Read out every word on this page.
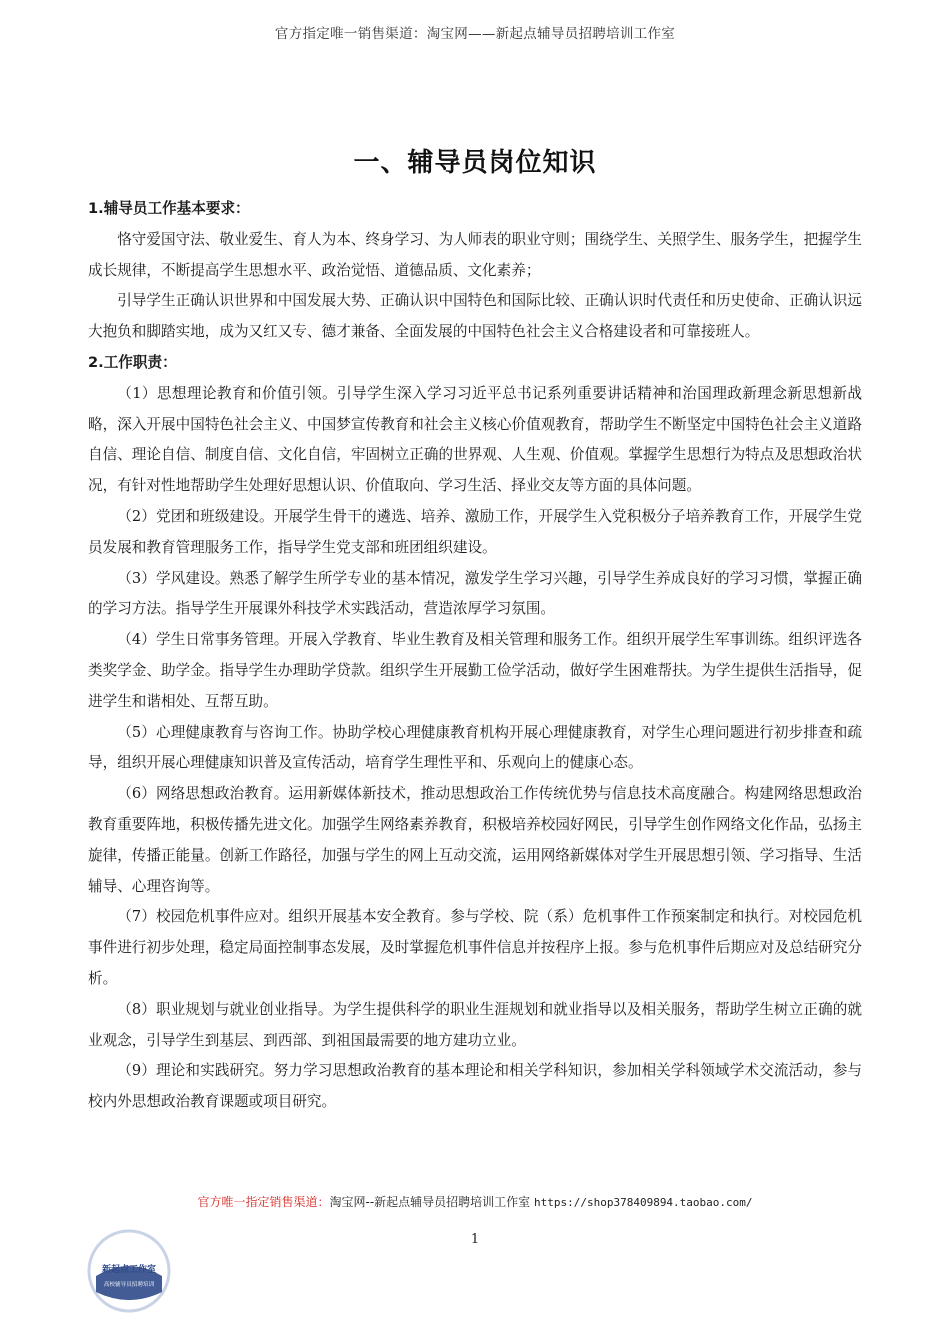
官方指定唯一销售渠道：淘宝网——新起点辅导员招聘培训工作室
一、辅导员岗位知识
1.辅导员工作基本要求：

恪守爱国守法、敬业爱生、育人为本、终身学习、为人师表的职业守则；围绕学生、关照学生、服务学生，把握学生成长规律，不断提高学生思想水平、政治觉悟、道德品质、文化素养；

引导学生正确认识世界和中国发展大势、正确认识中国特色和国际比较、正确认识时代责任和历史使命、正确认识远大抱负和脚踏实地，成为又红又专、德才兼备、全面发展的中国特色社会主义合格建设者和可靠接班人。

2.工作职责：

（1）思想理论教育和价值引领。引导学生深入学习习近平总书记系列重要讲话精神和治国理政新理念新思想新战略，深入开展中国特色社会主义、中国梦宣传教育和社会主义核心价值观教育，帮助学生不断坚定中国特色社会主义道路自信、理论自信、制度自信、文化自信，牢固树立正确的世界观、人生观、价值观。掌握学生思想行为特点及思想政治状况，有针对性地帮助学生处理好思想认识、价值取向、学习生活、择业交友等方面的具体问题。

（2）党团和班级建设。开展学生骨干的遴选、培养、激励工作，开展学生入党积极分子培养教育工作，开展学生党员发展和教育管理服务工作，指导学生党支部和班团组织建设。

（3）学风建设。熟悉了解学生所学专业的基本情况，激发学生学习兴趣，引导学生养成良好的学习习惯，掌握正确的学习方法。指导学生开展课外科技学术实践活动，营造浓厚学习氛围。

（4）学生日常事务管理。开展入学教育、毕业生教育及相关管理和服务工作。组织开展学生军事训练。组织评选各类奖学金、助学金。指导学生办理助学贷款。组织学生开展勤工俭学活动，做好学生困难帮扶。为学生提供生活指导，促进学生和谐相处、互帮互助。

（5）心理健康教育与咨询工作。协助学校心理健康教育机构开展心理健康教育，对学生心理问题进行初步排查和疏导，组织开展心理健康知识普及宣传活动，培育学生理性平和、乐观向上的健康心态。

（6）网络思想政治教育。运用新媒体新技术，推动思想政治工作传统优势与信息技术高度融合。构建网络思想政治教育重要阵地，积极传播先进文化。加强学生网络素养教育，积极培养校园好网民，引导学生创作网络文化作品，弘扬主旋律，传播正能量。创新工作路径，加强与学生的网上互动交流，运用网络新媒体对学生开展思想引领、学习指导、生活辅导、心理咨询等。

（7）校园危机事件应对。组织开展基本安全教育。参与学校、院（系）危机事件工作预案制定和执行。对校园危机事件进行初步处理，稳定局面控制事态发展，及时掌握危机事件信息并按程序上报。参与危机事件后期应对及总结研究分析。

（8）职业规划与就业创业指导。为学生提供科学的职业生涯规划和就业指导以及相关服务，帮助学生树立正确的就业观念，引导学生到基层、到西部、到祖国最需要的地方建功立业。

（9）理论和实践研究。努力学习思想政治教育的基本理论和相关学科知识，参加相关学科领域学术交流活动，参与校内外思想政治教育课题或项目研究。

官方唯一指定销售渠道：淘宝网--新起点辅导员招聘培训工作室 https://shop378409894.taobao.com/
1
新起点工作室
高校辅导员招聘培训
